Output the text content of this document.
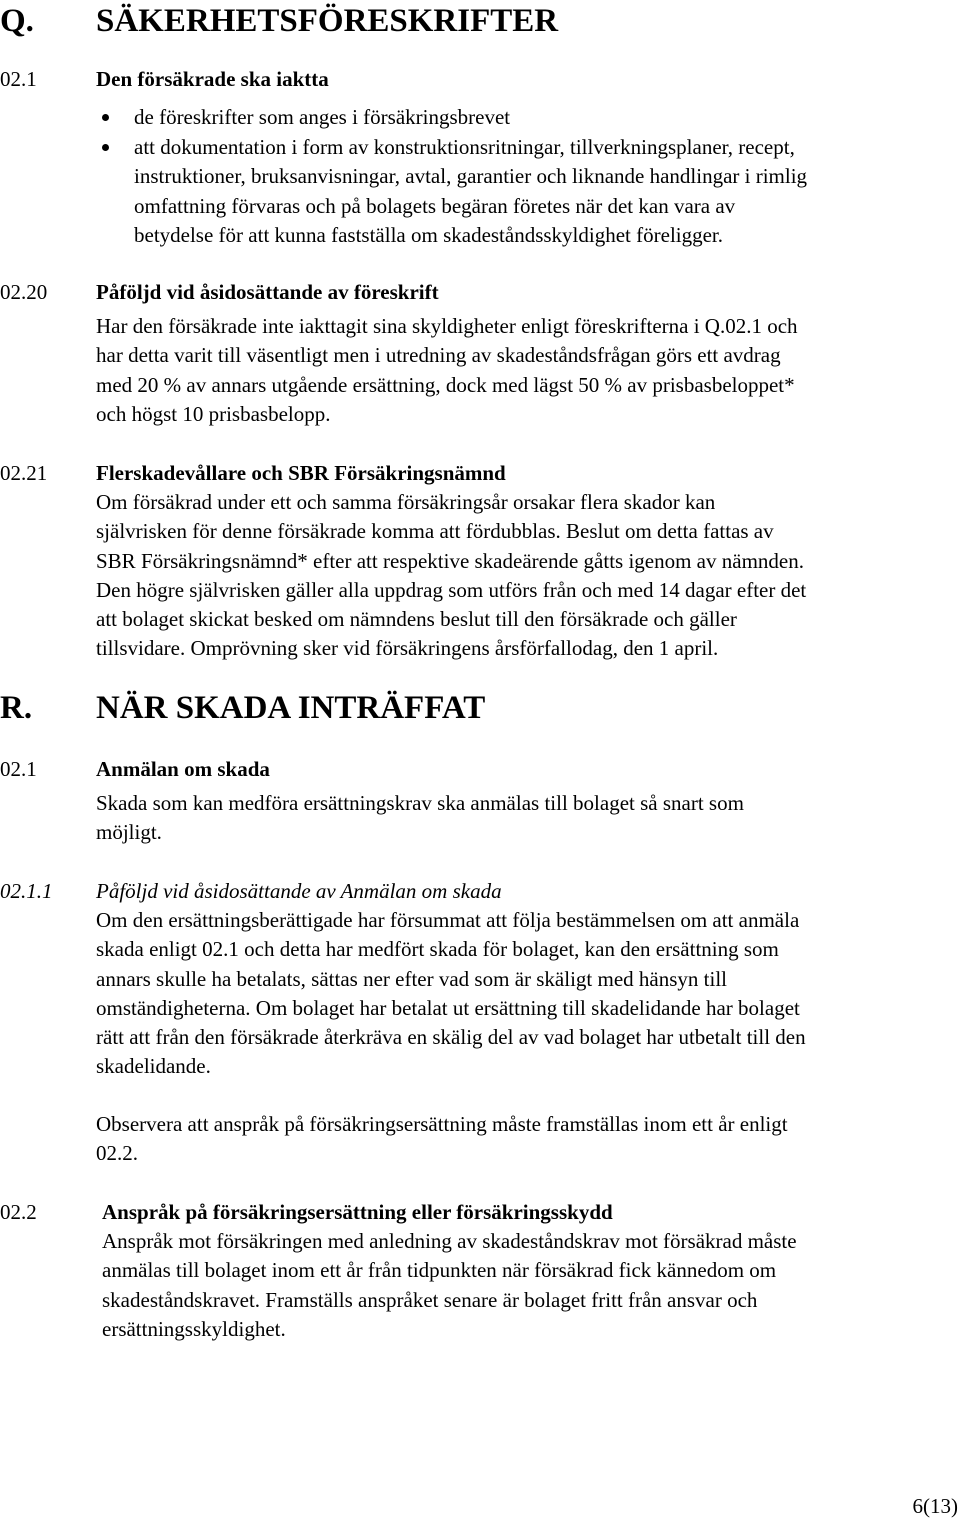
Q. SÄKERHETSFÖRESKRIFTER
02.1	Den försäkrade ska iaktta
de föreskrifter som anges i försäkringsbrevet
att dokumentation i form av konstruktionsritningar, tillverkningsplaner, recept,
instruktioner, bruksanvisningar, avtal, garantier och liknande handlingar i rimlig
omfattning förvaras och på bolagets begäran företes när det kan vara av
betydelse för att kunna fastställa om skadeståndsskyldighet föreligger.
02.20 Påföljd vid åsidosättande av föreskrift
Har den försäkrade inte iakttagit sina skyldigheter enligt föreskrifterna i Q.02.1 och
har detta varit till väsentligt men i utredning av skadeståndsfrågan görs ett avdrag
med 20 % av annars utgående ersättning, dock med lägst 50 % av prisbasbeloppet*
och högst 10 prisbasbelopp.
02.21 Flerskadevållare och SBR Försäkringsnämnd
Om försäkrad under ett och samma försäkringsår orsakar flera skador kan
självrisken för denne försäkrade komma att fördubblas. Beslut om detta fattas av
SBR Försäkringsnämnd* efter att respektive skadeärende gåtts igenom av nämnden.
Den högre självrisken gäller alla uppdrag som utförs från och med 14 dagar efter det
att bolaget skickat besked om nämndens beslut till den försäkrade och gäller
tillsvidare. Omprövning sker vid försäkringens årsförfallodag, den 1 april.
R. NÄR SKADA INTRÄFFAT
02.1	Anmälan om skada
Skada som kan medföra ersättningskrav ska anmälas till bolaget så snart som
möjligt.
02.1.1 Påföljd vid åsidosättande av Anmälan om skada
Om den ersättningsberättigade har försummat att följa bestämmelsen om att anmäla
skada enligt 02.1 och detta har medfört skada för bolaget, kan den ersättning som
annars skulle ha betalats, sättas ner efter vad som är skäligt med hänsyn till
omständigheterna. Om bolaget har betalat ut ersättning till skadelidande har bolaget
rätt att från den försäkrade återkräva en skälig del av vad bolaget har utbetalt till den
skadelidande.
Observera att anspråk på försäkringsersättning måste framställas inom ett år enligt
02.2.
02.2	Anspråk på försäkringsersättning eller försäkringsskydd
Anspråk mot försäkringen med anledning av skadeståndskrav mot försäkrad måste
anmälas till bolaget inom ett år från tidpunkten när försäkrad fick kännedom om
skadeståndskravet. Framställs anspråket senare är bolaget fritt från ansvar och
ersättningsskyldighet.
6(13)
